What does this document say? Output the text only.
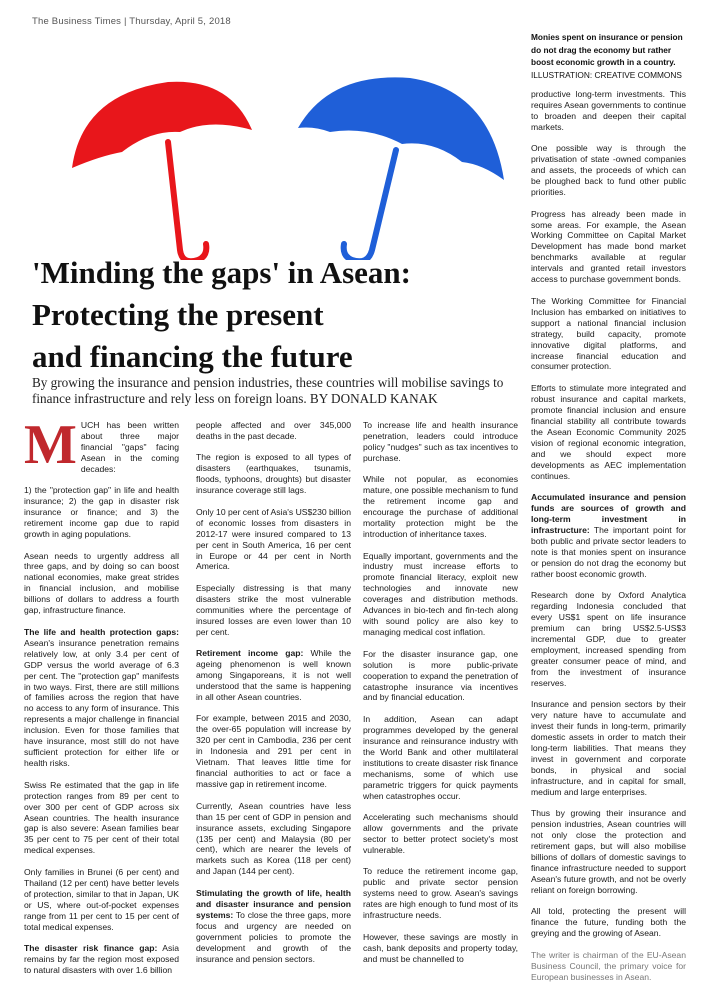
The Business Times | Thursday, April 5, 2018
Monies spent on insurance or pension do not drag the economy but rather boost economic growth in a country.
ILLUSTRATION: CREATIVE COMMONS
'Minding the gaps' in Asean:
Protecting the present
and financing the future
By growing the insurance and pension industries, these countries will mobilise savings to finance infrastructure and rely less on foreign loans. BY DONALD KANAK

MUCH has been written about three major financial "gaps" facing Asean in the coming decades:

1) the "protection gap" in life and health insurance; 2) the gap in disaster risk insurance or finance; and 3) the retirement income gap due to rapid growth in aging populations.

Asean needs to urgently address all three gaps, and by doing so can boost national economies, make great strides in financial inclusion, and mobilise billions of dollars to address a fourth gap, infrastructure finance.

The life and health protection gaps: Asean's insurance penetration remains relatively low, at only 3.4 per cent of GDP versus the world average of 6.3 per cent. The "protection gap" manifests in two ways. First, there are still millions of families across the region that have no access to any form of insurance. This represents a major challenge in financial inclusion. Even for those families that have insurance, most still do not have sufficient protection for either life or health risks.

Swiss Re estimated that the gap in life protection ranges from 89 per cent to over 300 per cent of GDP across six Asean countries. The health insurance gap is also severe: Asean families bear 35 per cent to 75 per cent of their total medical expenses.

Only families in Brunei (6 per cent) and Thailand (12 per cent) have better levels of protection, similar to that in Japan, UK or US, where out-of-pocket expenses range from 11 per cent to 15 per cent of total medical expenses.

The disaster risk finance gap: Asia remains by far the region most exposed to natural disasters with over 1.6 billion

people affected and over 345,000 deaths in the past decade.

The region is exposed to all types of disasters (earthquakes, tsunamis, floods, typhoons, droughts) but disaster insurance coverage still lags.

Only 10 per cent of Asia's US$230 billion of economic losses from disasters in 2012-17 were insured compared to 13 per cent in South America, 16 per cent in Europe or 44 per cent in North America.

Especially distressing is that many disasters strike the most vulnerable communities where the percentage of insured losses are even lower than 10 per cent.

Retirement income gap: While the ageing phenomenon is well known among Singaporeans, it is not well understood that the same is happening in all other Asean countries.

For example, between 2015 and 2030, the over-65 population will increase by 320 per cent in Cambodia, 236 per cent in Indonesia and 291 per cent in Vietnam. That leaves little time for financial authorities to act or face a massive gap in retirement income.

Currently, Asean countries have less than 15 per cent of GDP in pension and insurance assets, excluding Singapore (135 per cent) and Malaysia (80 per cent), which are nearer the levels of markets such as Korea (118 per cent) and Japan (144 per cent).

Stimulating the growth of life, health and disaster insurance and pension systems: To close the three gaps, more focus and urgency are needed on government policies to promote the development and growth of the insurance and pension sectors.

To increase life and health insurance penetration, leaders could introduce policy "nudges" such as tax incentives to purchase.

While not popular, as economies mature, one possible mechanism to fund the retirement income gap and encourage the purchase of additional mortality protection might be the introduction of inheritance taxes.

Equally important, governments and the industry must increase efforts to promote financial literacy, exploit new technologies and innovate new coverages and distribution methods. Advances in bio-tech and fin-tech along with sound policy are also key to managing medical cost inflation.

For the disaster insurance gap, one solution is more public-private cooperation to expand the penetration of catastrophe insurance via incentives and by financial education.

In addition, Asean can adapt programmes developed by the general insurance and reinsurance industry with the World Bank and other multilateral institutions to create disaster risk finance mechanisms, some of which use parametric triggers for quick payments when catastrophes occur.

Accelerating such mechanisms should allow governments and the private sector to better protect society's most vulnerable.

To reduce the retirement income gap, public and private sector pension systems need to grow. Asean's savings rates are high enough to fund most of its infrastructure needs.

However, these savings are mostly in cash, bank deposits and property today, and must be channelled to

productive long-term investments. This requires Asean governments to continue to broaden and deepen their capital markets.

One possible way is through the privatisation of state -owned companies and assets, the proceeds of which can be ploughed back to fund other public priorities.

Progress has already been made in some areas. For example, the Asean Working Committee on Capital Market Development has made bond market benchmarks available at regular intervals and granted retail investors access to purchase government bonds.

The Working Committee for Financial Inclusion has embarked on initiatives to support a national financial inclusion strategy, build capacity, promote innovative digital platforms, and increase financial education and consumer protection.

Efforts to stimulate more integrated and robust insurance and capital markets, promote financial inclusion and ensure financial stability all contribute towards the Asean Economic Community 2025 vision of regional economic integration, and we should expect more developments as AEC implementation continues.

Accumulated insurance and pension funds are sources of growth and long-term investment in infrastructure: The important point for both public and private sector leaders to note is that monies spent on insurance or pension do not drag the economy but rather boost economic growth.

Research done by Oxford Analytica regarding Indonesia concluded that every US$1 spent on life insurance premium can bring US$2.5-US$3 incremental GDP, due to greater employment, increased spending from greater consumer peace of mind, and from the investment of insurance reserves.

Insurance and pension sectors by their very nature have to accumulate and invest their funds in long-term, primarily domestic assets in order to match their long-term liabilities. That means they invest in government and corporate bonds, in physical and social infrastructure, and in capital for small, medium and large enterprises.

Thus by growing their insurance and pension industries, Asean countries will not only close the protection and retirement gaps, but will also mobilise billions of dollars of domestic savings to finance infrastructure needed to support Asean's future growth, and not be overly reliant on foreign borrowing.

All told, protecting the present will finance the future, funding both the greying and the growing of Asean.

The writer is chairman of the EU-Asean Business Council, the primary voice for European businesses in Asean.
